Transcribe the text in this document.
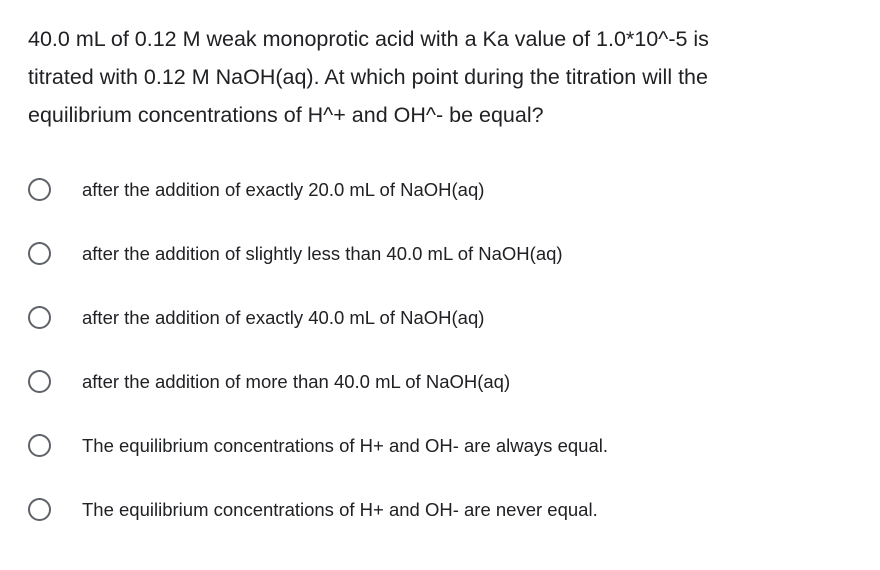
40.0 mL of 0.12 M weak monoprotic acid with a Ka value of 1.0*10^-5 is
titrated with 0.12 M NaOH(aq). At which point during the titration will the
equilibrium concentrations of H^+ and OH^- be equal?
after the addition of exactly 20.0 mL of NaOH(aq)
after the addition of slightly less than 40.0 mL of NaOH(aq)
after the addition of exactly 40.0 mL of NaOH(aq)
after the addition of more than 40.0 mL of NaOH(aq)
The equilibrium concentrations of H+ and OH- are always equal.
The equilibrium concentrations of H+ and OH- are never equal.
